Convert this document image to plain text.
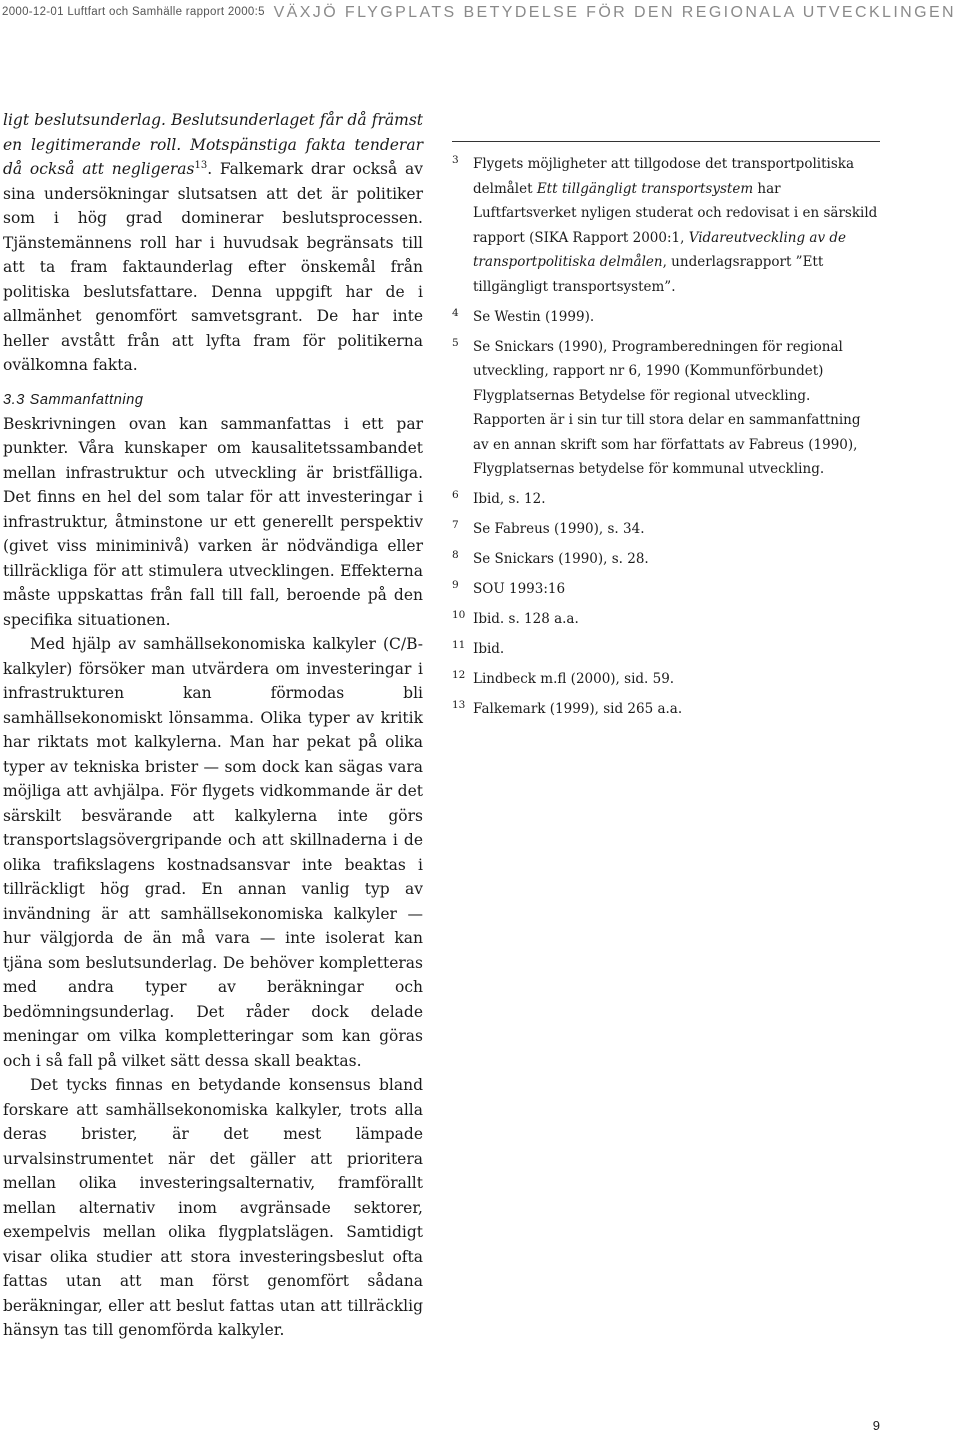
2000-12-01 Luftfart och Samhälle rapport 2000:5 VÄXJÖ FLYGPLATS BETYDELSE FÖR DEN REGIONALA UTVECKLINGEN

ligt beslutsunderlag. Beslutsunderlaget får då främst en legitimerande roll. Motspänstiga fakta tenderar då också att negligeras$^{13}$. Falkemark drar också av sina undersökningar slutsatsen att det är politiker som i hög grad dominerar beslutsprocessen. Tjänstemännens roll har i huvudsak begränsats till att ta fram faktaunderlag efter önskemål från politiska beslutsfattare. Denna uppgift har de i allmänhet genomfört samvetsgrant. De har inte heller avstått från att lyfta fram för politikerna ovälkomna fakta.

3.3 Sammanfattning

Beskrivningen ovan kan sammanfattas i ett par punkter. Våra kunskaper om kausalitetssambandet mellan infrastruktur och utveckling är bristfälliga. Det finns en hel del som talar för att investeringar i infrastruktur, åtminstone ur ett generellt perspektiv (givet viss miniminivå) varken är nödvändiga eller tillräckliga för att stimulera utvecklingen. Effekterna måste uppskattas från fall till fall, beroende på den specifika situationen.

Med hjälp av samhällsekonomiska kalkyler (C/B-kalkyler) försöker man utvärdera om investeringar i infrastrukturen kan förmodas bli samhällsekonomiskt lönsamma. Olika typer av kritik har riktats mot kalkylerna. Man har pekat på olika typer av tekniska brister — som dock kan sägas vara möjliga att avhjälpa. För flygets vidkommande är det särskilt besvärande att kalkylerna inte görs transportslagsövergripande och att skillnaderna i de olika trafikslagens kostnadsansvar inte beaktas i tillräckligt hög grad. En annan vanlig typ av invändning är att samhällsekonomiska kalkyler — hur välgjorda de än må vara — inte isolerat kan tjäna som beslutsunderlag. De behöver kompletteras med andra typer av beräkningar och bedömningsunderlag. Det råder dock delade meningar om vilka kompletteringar som kan göras och i så fall på vilket sätt dessa skall beaktas.

Det tycks finnas en betydande konsensus bland forskare att samhällsekonomiska kalkyler, trots alla deras brister, är det mest lämpade urvalsinstrumentet när det gäller att prioritera mellan olika investeringsalternativ, framförallt mellan alternativ inom avgränsade sektorer, exempelvis mellan olika flygplatslägen. Samtidigt visar olika studier att stora investeringsbeslut ofta fattas utan att man först genomfört sådana beräkningar, eller att beslut fattas utan att tillräcklig hänsyn tas till genomförda kalkyler.

3 Flygets möjligheter att tillgodose det transportpolitiska delmålet Ett tillgängligt transportsystem har Luftfartsverket nyligen studerat och redovisat i en särskild rapport (SIKA Rapport 2000:1, Vidareutveckling av de transportpolitiska delmålen, underlagsrapport ”Ett tillgängligt transportsystem”.
4 Se Westin (1999).
5 Se Snickars (1990), Programberedningen för regional utveckling, rapport nr 6, 1990 (Kommunförbundet) Flygplatsernas Betydelse för regional utveckling. Rapporten är i sin tur till stora delar en sammanfattning av en annan skrift som har författats av Fabreus (1990), Flygplatsernas betydelse för kommunal utveckling.
6 Ibid, s. 12.
7 Se Fabreus (1990), s. 34.
8 Se Snickars (1990), s. 28.
9 SOU 1993:16
10 Ibid. s. 128 a.a.
11 Ibid.
12 Lindbeck m.fl (2000), sid. 59.
13 Falkemark (1999), sid 265 a.a.
9
